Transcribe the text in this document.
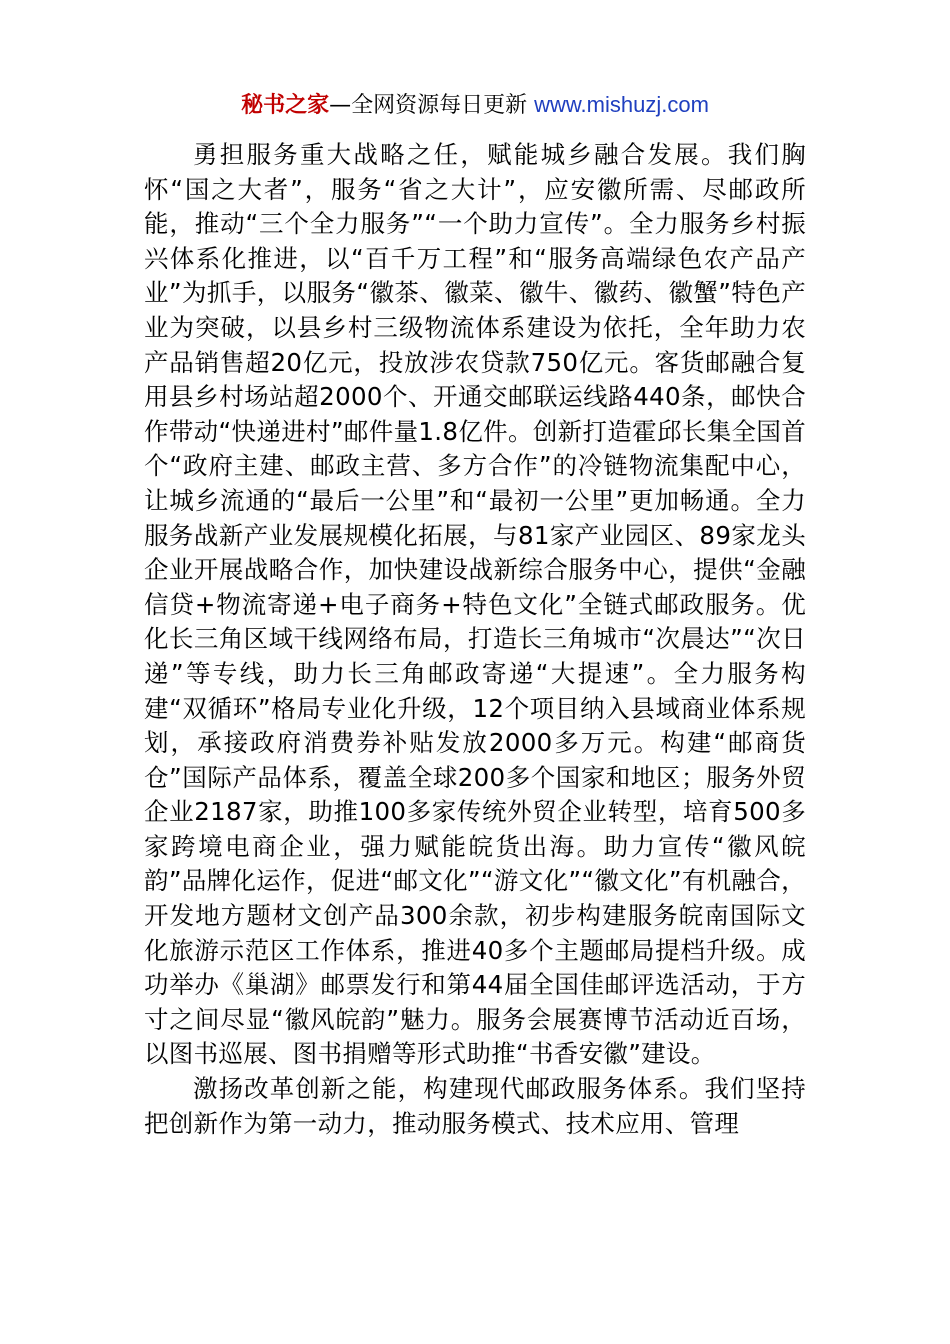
秘书之家—全网资源每日更新 www.mishuzj.com

勇担服务重大战略之任，赋能城乡融合发展。我们胸怀“国之大者”，服务“省之大计”，应安徽所需、尽邮政所能，推动“三个全力服务”“一个助力宣传”。全力服务乡村振兴体系化推进，以“百千万工程”和“服务高端绿色农产品产业”为抓手，以服务“徽茶、徽菜、徽牛、徽药、徽蟹”特色产业为突破，以县乡村三级物流体系建设为依托，全年助力农产品销售超20亿元，投放涉农贷款750亿元。客货邮融合复用县乡村场站超2000个、开通交邮联运线路440条，邮快合作带动“快递进村”邮件量1.8亿件。创新打造霍邱长集全国首个“政府主建、邮政主营、多方合作”的冷链物流集配中心，让城乡流通的“最后一公里”和“最初一公里”更加畅通。全力服务战新产业发展规模化拓展，与81家产业园区、89家龙头企业开展战略合作，加快建设战新综合服务中心，提供“金融信贷+物流寄递+电子商务+特色文化”全链式邮政服务。优化长三角区域干线网络布局，打造长三角城市“次晨达”“次日递”等专线，助力长三角邮政寄递“大提速”。全力服务构建“双循环”格局专业化升级，12个项目纳入县域商业体系规划，承接政府消费券补贴发放2000多万元。构建“邮商货仓”国际产品体系，覆盖全球200多个国家和地区；服务外贸企业2187家，助推100多家传统外贸企业转型，培育500多家跨境电商企业，强力赋能皖货出海。助力宣传“徽风皖韵”品牌化运作，促进“邮文化”“游文化”“徽文化”有机融合，开发地方题材文创产品300余款，初步构建服务皖南国际文化旅游示范区工作体系，推进40多个主题邮局提档升级。成功举办《巢湖》邮票发行和第44届全国佳邮评选活动，于方寸之间尽显“徽风皖韵”魅力。服务会展赛博节活动近百场，以图书巡展、图书捐赠等形式助推“书香安徽”建设。

激扬改革创新之能，构建现代邮政服务体系。我们坚持把创新作为第一动力，推动服务模式、技术应用、管理
